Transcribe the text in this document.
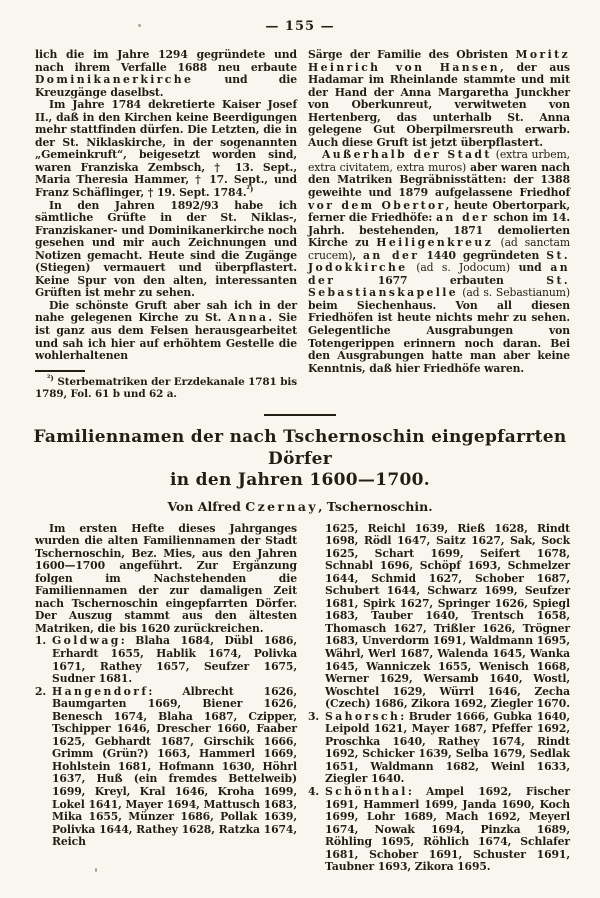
— 155 —
lich die im Jahre 1294 gegründete und nach ihrem Verfalle 1688 neu erbaute Dominikanerkirche und die Kreuzgänge daselbst.
Im Jahre 1784 dekretierte Kaiser Josef II., daß in den Kirchen keine Beerdigungen mehr stattfinden dürfen. Die Letzten, die in der St. Niklaskirche, in der sogenannten „Gemeinkruft“, beigesetzt worden sind, waren Franziska Zembsch, † 13. Sept., Maria Theresia Hammer, † 17. Sept., und Franz Schäflinger, † 19. Sept. 1784.$^{^2)}$
In den Jahren 1892/93 habe ich sämtliche Grüfte in der St. Niklas-, Franziskaner- und Dominikanerkirche noch gesehen und mir auch Zeichnungen und Notizen gemacht. Heute sind die Zugänge (Stiegen) vermauert und überpflastert. Keine Spur von den alten, interessanten Grüften ist mehr zu sehen.
Die schönste Gruft aber sah ich in der nahe gelegenen Kirche zu St. Anna. Sie ist ganz aus dem Felsen herausgearbeitet und sah ich hier auf erhöhtem Gestelle die wohlerhaltenen
$^{^2)}$ Sterbematriken der Erzdekanale 1781 bis 1789, Fol. 61 b und 62 a.
Särge der Familie des Obristen Moritz Heinrich von Hansen, der aus Hadamar im Rheinlande stammte und mit der Hand der Anna Margaretha Junckher von Oberkunreut, verwitweten von Hertenberg, das unterhalb St. Anna gelegene Gut Oberpilmersreuth erwarb. Auch diese Gruft ist jetzt überpflastert.
Außerhalb der Stadt (extra urbem, extra civitatem, extra muros) aber waren nach den Matriken Begräbnisstätten: der 1388 geweihte und 1879 aufgelassene Friedhof vor dem Obertor, heute Obertorpark, ferner die Friedhöfe: an der schon im 14. Jahrh. bestehenden, 1871 demolierten Kirche zu Heiligenkreuz (ad sanctam crucem), an der 1440 gegründeten St. Jodokkirche (ad s. Jodocum) und an der 1677 erbauten St. Sebastianskapelle (ad s. Sebastianum) beim Siechenhaus. Von all diesen Friedhöfen ist heute nichts mehr zu sehen. Gelegentliche Ausgrabungen von Totengerippen erinnern noch daran. Bei den Ausgrabungen hatte man aber keine Kenntnis, daß hier Friedhöfe waren.
Familiennamen der nach Tschernoschin eingepfarrten Dörfer
in den Jahren 1600—1700.
Von Alfred Czernay, Tschernoschin.
Im ersten Hefte dieses Jahrganges wurden die alten Familiennamen der Stadt Tschernoschin, Bez. Mies, aus den Jahren 1600—1700 angeführt. Zur Ergänzung folgen im Nachstehenden die Familiennamen der zur damaligen Zeit nach Tschernoschin eingepfarrten Dörfer. Der Auszug stammt aus den ältesten Matriken, die bis 1620 zurückreichen.
1. Goldwag: Blaha 1684, Dübl 1686, Erhardt 1655, Hablik 1674, Polivka 1671, Rathey 1657, Seufzer 1675, Sudner 1681.
2. Hangendorf: Albrecht 1626, Baumgarten 1669, Biener 1626, Benesch 1674, Blaha 1687, Czipper, Tschipper 1646, Drescher 1660, Faaber 1625, Gebhardt 1687, Girschik 1666, Grimm (Grün?) 1663, Hammerl 1669, Hohlstein 1681, Hofmann 1630, Höhrl 1637, Huß (ein fremdes Bettelweib) 1699, Kreyl, Kral 1646, Kroha 1699, Lokel 1641, Mayer 1694, Mattusch 1683, Mika 1655, Münzer 1686, Pollak 1639, Polivka 1644, Rathey 1628, Ratzka 1674, Reich
1625, Reichl 1639, Rieß 1628, Rindt 1698, Rödl 1647, Saitz 1627, Sak, Sock 1625, Schart 1699, Seifert 1678, Schnabl 1696, Schöpf 1693, Schmelzer 1644, Schmid 1627, Schober 1687, Schubert 1644, Schwarz 1699, Seufzer 1681, Spirk 1627, Springer 1626, Spiegl 1683, Tauber 1640, Trentsch 1658, Thomasch 1627, Trißler 1626, Trögner 1683, Unverdorm 1691, Waldmann 1695, Währl, Werl 1687, Walenda 1645, Wanka 1645, Wanniczek 1655, Wenisch 1668, Werner 1629, Wersamb 1640, Wostl, Woschtel 1629, Würrl 1646, Zecha (Czech) 1686, Zikora 1692, Ziegler 1670.
3. Sahorsch: Bruder 1666, Gubka 1640, Leipold 1621, Mayer 1687, Pfeffer 1692, Proschka 1640, Rathey 1674, Rindt 1692, Schicker 1639, Selba 1679, Sedlak 1651, Waldmann 1682, Weinl 1633, Ziegler 1640.
4. Schönthal: Ampel 1692, Fischer 1691, Hammerl 1699, Janda 1690, Koch 1699, Lohr 1689, Mach 1692, Meyerl 1674, Nowak 1694, Pinzka 1689, Röhling 1695, Röhlich 1674, Schlafer 1681, Schober 1691, Schuster 1691, Taubner 1693, Zikora 1695.
